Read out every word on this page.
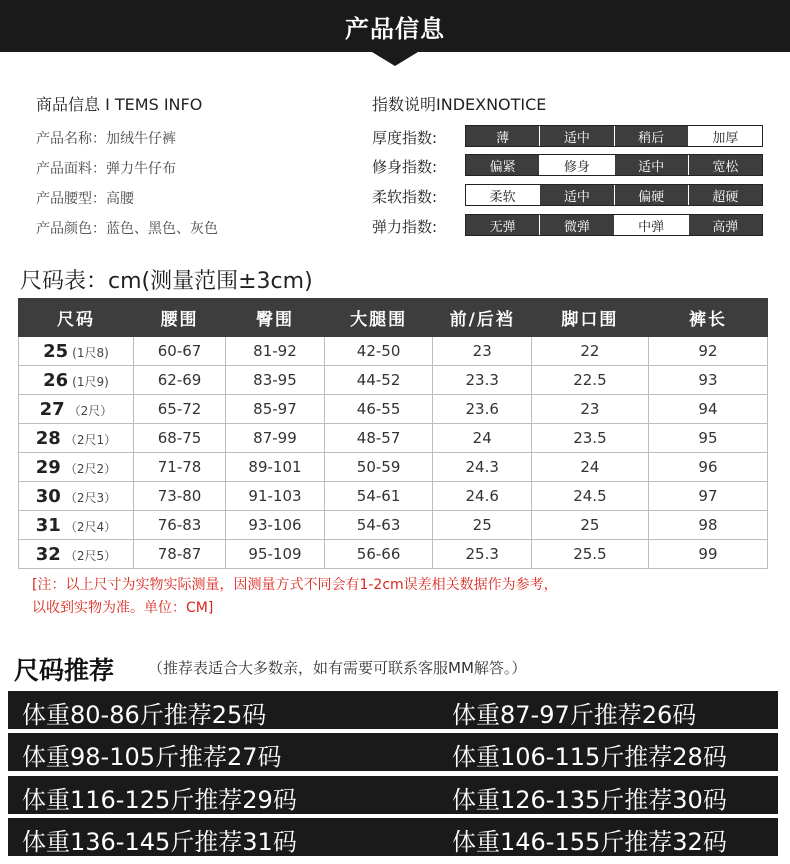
产品信息
商品信息 I TEMS INFO
产品名称：加绒牛仔裤
产品面料：弹力牛仔布
产品腰型：高腰
产品颜色：蓝色、黑色、灰色
指数说明INDEXNOTICE
厚度指数:	薄	适中	稍后	加厚
修身指数:	偏紧	修身	适中	宽松
柔软指数:	柔软	适中	偏硬	超硬
弹力指数:	无弹	微弹	中弹	高弹
尺码表：cm(测量范围±3cm)
尺码	腰围	臀围	大腿围	前/后裆	脚口围	裤长
25 (1尺8)	60-67	81-92	42-50	23	22	92
26 (1尺9)	62-69	83-95	44-52	23.3	22.5	93
27 （2尺）	65-72	85-97	46-55	23.6	23	94
28 （2尺1）	68-75	87-99	48-57	24	23.5	95
29 （2尺2）	71-78	89-101	50-59	24.3	24	96
30 （2尺3）	73-80	91-103	54-61	24.6	24.5	97
31 （2尺4）	76-83	93-106	54-63	25	25	98
32 （2尺5）	78-87	95-109	56-66	25.3	25.5	99
[注：以上尺寸为实物实际测量，因测量方式不同会有1-2cm误差相关数据作为参考，
以收到实物为准。单位：CM]
尺码推荐 （推荐表适合大多数亲，如有需要可联系客服MM解答。）
体重80-86斤推荐25码	体重87-97斤推荐26码
体重98-105斤推荐27码	体重106-115斤推荐28码
体重116-125斤推荐29码	体重126-135斤推荐30码
体重136-145斤推荐31码	体重146-155斤推荐32码
